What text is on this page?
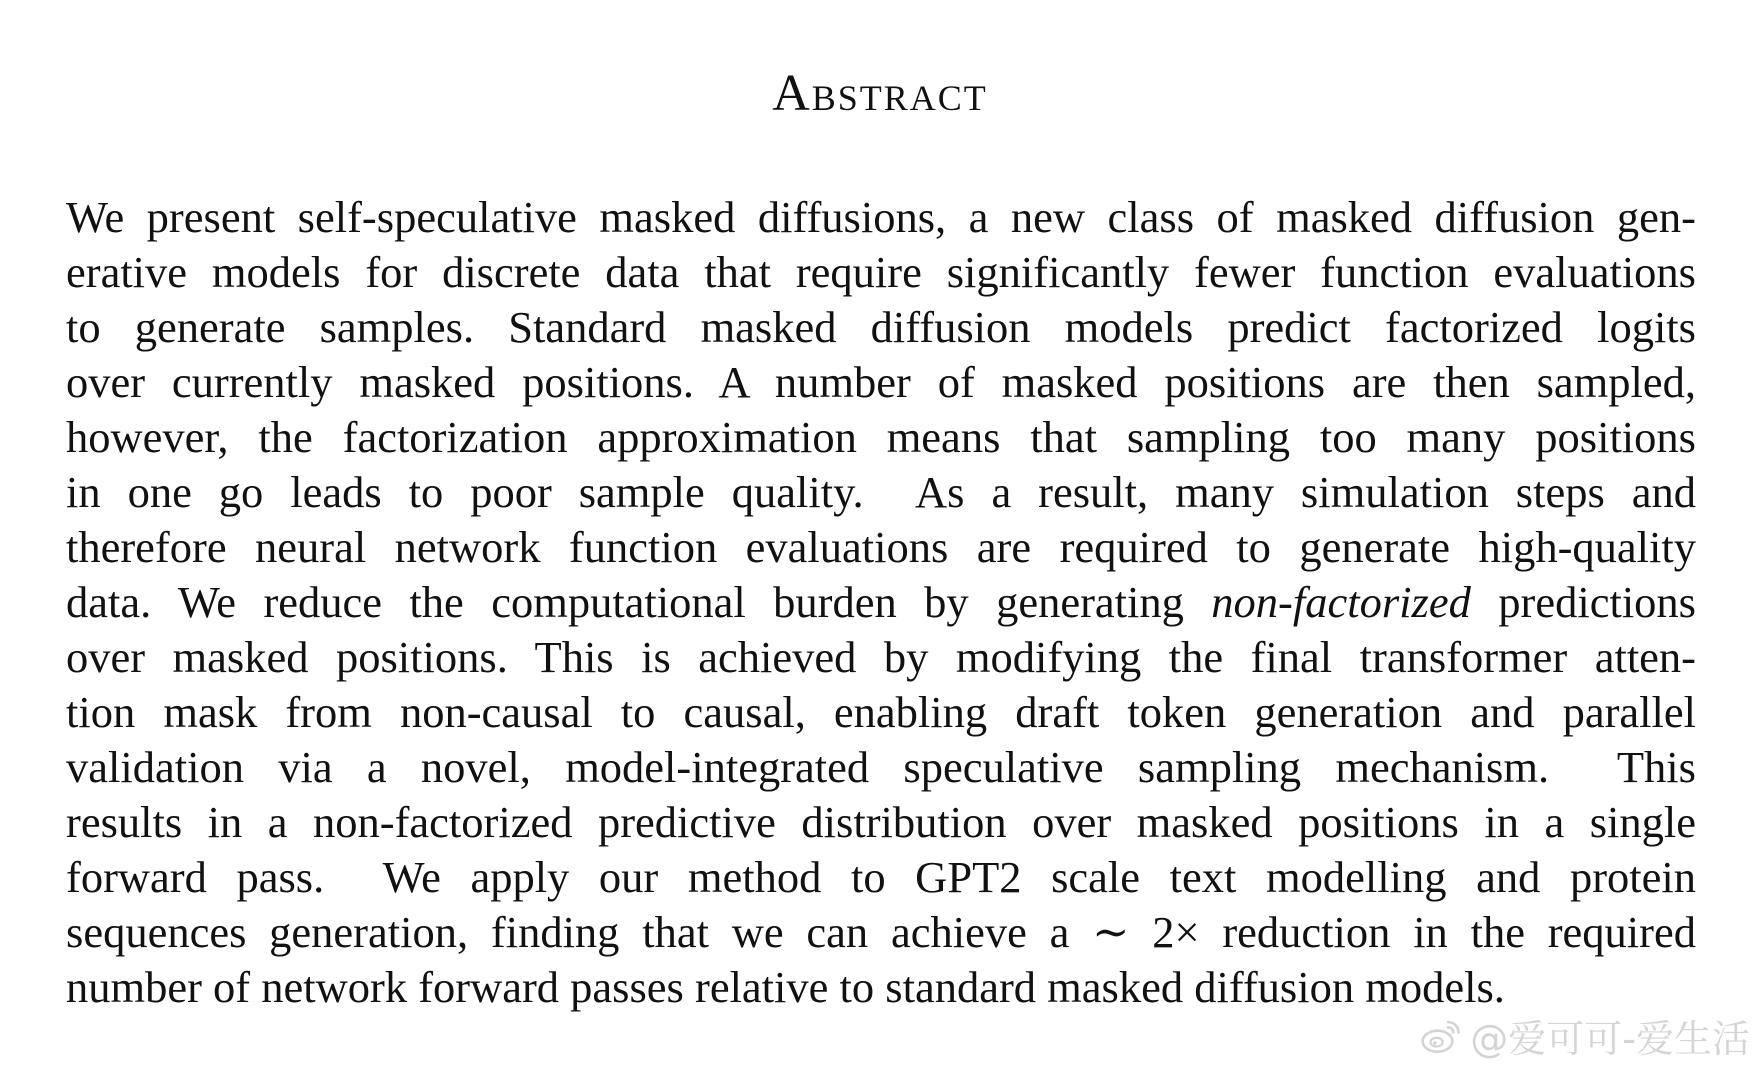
Abstract
We present self-speculative masked diffusions, a new class of masked diffusion gen-
erative models for discrete data that require significantly fewer function evaluations
to generate samples. Standard masked diffusion models predict factorized logits
over currently masked positions. A number of masked positions are then sampled,
however, the factorization approximation means that sampling too many positions
in one go leads to poor sample quality.  As a result, many simulation steps and
therefore neural network function evaluations are required to generate high-quality
data. We reduce the computational burden by generating non-factorized predictions
over masked positions. This is achieved by modifying the final transformer atten-
tion mask from non-causal to causal, enabling draft token generation and parallel
validation via a novel, model-integrated speculative sampling mechanism.  This
results in a non-factorized predictive distribution over masked positions in a single
forward pass.  We apply our method to GPT2 scale text modelling and protein
sequences generation, finding that we can achieve a ∼ 2× reduction in the required
number of network forward passes relative to standard masked diffusion models.
@爱可可-爱生活
